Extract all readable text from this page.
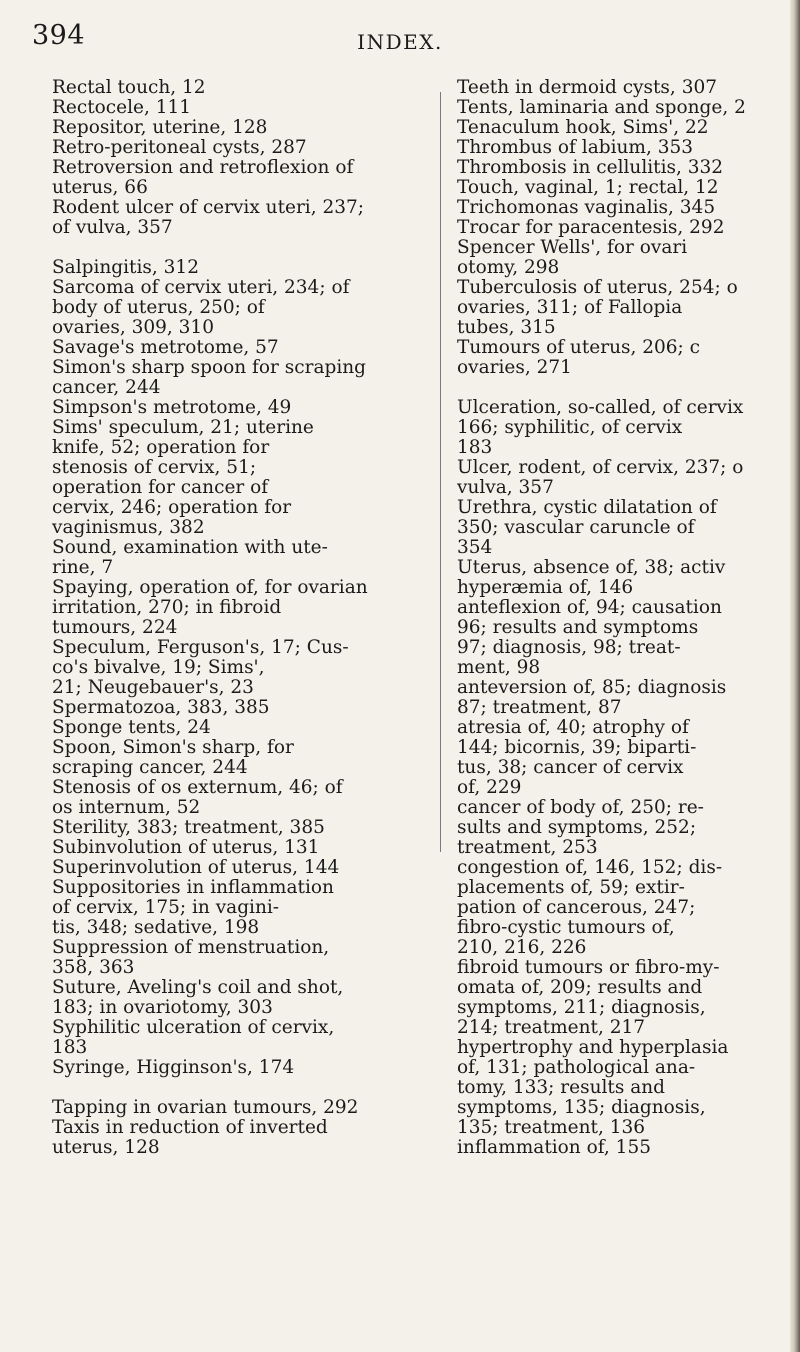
394	INDEX.
Rectal touch, 12
Rectocele, 111
Repositor, uterine, 128
Retro-peritoneal cysts, 287
Retroversion and retroflexion of
uterus, 66
Rodent ulcer of cervix uteri, 237;
of vulva, 357
Salpingitis, 312
Sarcoma of cervix uteri, 234; of
body of uterus, 250; of
ovaries, 309, 310
Savage's metrotome, 57
Simon's sharp spoon for scraping
cancer, 244
Simpson's metrotome, 49
Sims' speculum, 21; uterine
knife, 52; operation for
stenosis of cervix, 51;
operation for cancer of
cervix, 246; operation for
vaginismus, 382
Sound, examination with ute-
rine, 7
Spaying, operation of, for ovarian
irritation, 270; in fibroid
tumours, 224
Speculum, Ferguson's, 17; Cus-
co's bivalve, 19; Sims',
21; Neugebauer's, 23
Spermatozoa, 383, 385
Sponge tents, 24
Spoon, Simon's sharp, for
scraping cancer, 244
Stenosis of os externum, 46; of
os internum, 52
Sterility, 383; treatment, 385
Subinvolution of uterus, 131
Superinvolution of uterus, 144
Suppositories in inflammation
of cervix, 175; in vagini-
tis, 348; sedative, 198
Suppression of menstruation,
358, 363
Suture, Aveling's coil and shot,
183; in ovariotomy, 303
Syphilitic ulceration of cervix,
183
Syringe, Higginson's, 174
Tapping in ovarian tumours, 292
Taxis in reduction of inverted
uterus, 128
Teeth in dermoid cysts, 307
Tents, laminaria and sponge, 2
Tenaculum hook, Sims', 22
Thrombus of labium, 353
Thrombosis in cellulitis, 332
Touch, vaginal, 1; rectal, 12
Trichomonas vaginalis, 345
Trocar for paracentesis, 292
Spencer Wells', for ovari
otomy, 298
Tuberculosis of uterus, 254; o
ovaries, 311; of Fallopia
tubes, 315
Tumours of uterus, 206; c
ovaries, 271
Ulceration, so-called, of cervix
166; syphilitic, of cervix
183
Ulcer, rodent, of cervix, 237; o
vulva, 357
Urethra, cystic dilatation of
350; vascular caruncle of
354
Uterus, absence of, 38; activ
hyperæmia of, 146
anteflexion of, 94; causation
96; results and symptoms
97; diagnosis, 98; treat-
ment, 98
anteversion of, 85; diagnosis
87; treatment, 87
atresia of, 40; atrophy of
144; bicornis, 39; biparti-
tus, 38; cancer of cervix
of, 229
cancer of body of, 250; re-
sults and symptoms, 252;
treatment, 253
congestion of, 146, 152; dis-
placements of, 59; extir-
pation of cancerous, 247;
fibro-cystic tumours of,
210, 216, 226
fibroid tumours or fibro-my-
omata of, 209; results and
symptoms, 211; diagnosis,
214; treatment, 217
hypertrophy and hyperplasia
of, 131; pathological ana-
tomy, 133; results and
symptoms, 135; diagnosis,
135; treatment, 136
inflammation of, 155
